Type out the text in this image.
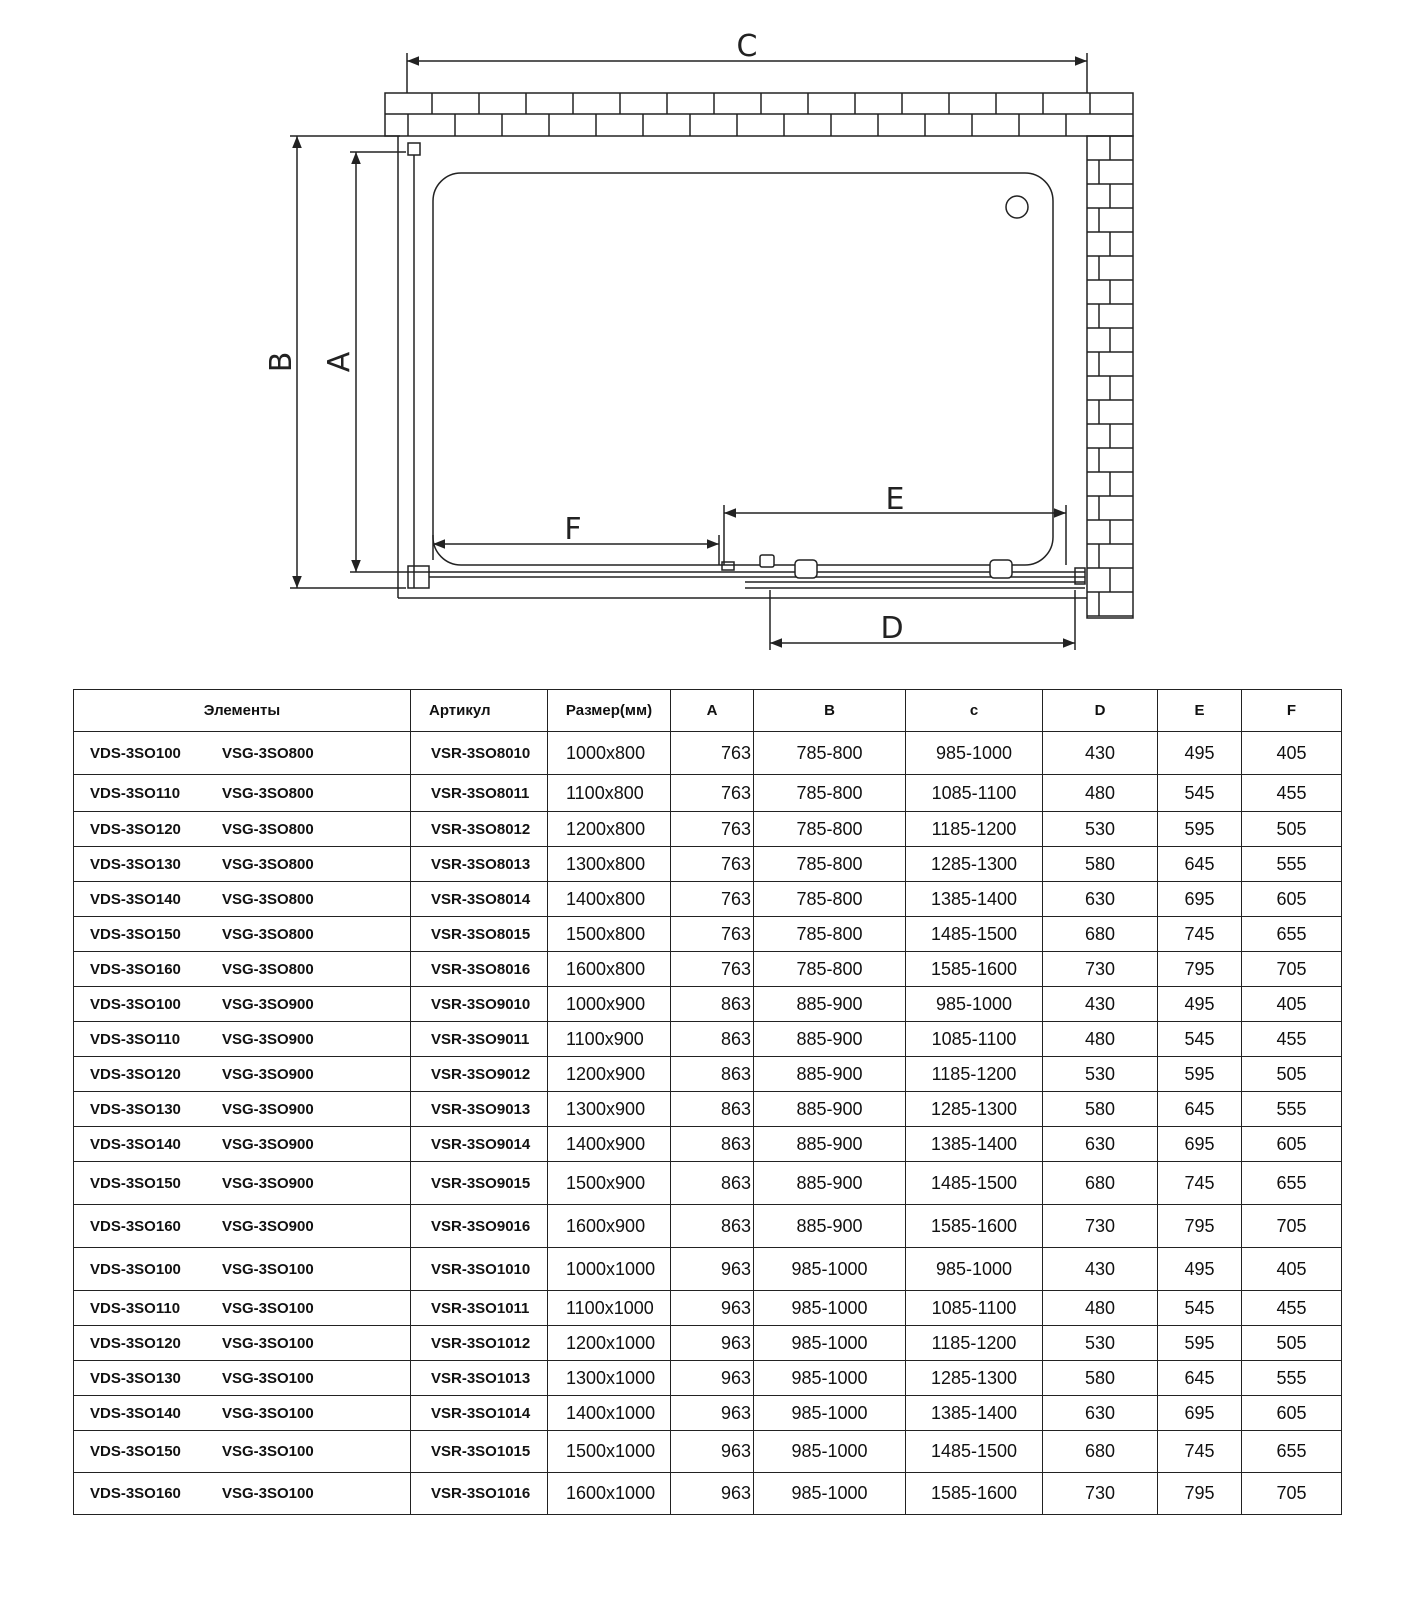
C
B A
F
E
D
Элементы	Артикул	Размер(мм)	A	B	c	D	E	F
VDS-3SO100 VSG-3SO800	VSR-3SO8010	1000x800	763	785-800	985-1000	430	495	405
VDS-3SO110 VSG-3SO800	VSR-3SO8011	1100x800	763	785-800	1085-1100	480	545	455
VDS-3SO120 VSG-3SO800	VSR-3SO8012	1200x800	763	785-800	1185-1200	530	595	505
VDS-3SO130 VSG-3SO800	VSR-3SO8013	1300x800	763	785-800	1285-1300	580	645	555
VDS-3SO140 VSG-3SO800	VSR-3SO8014	1400x800	763	785-800	1385-1400	630	695	605
VDS-3SO150 VSG-3SO800	VSR-3SO8015	1500x800	763	785-800	1485-1500	680	745	655
VDS-3SO160 VSG-3SO800	VSR-3SO8016	1600x800	763	785-800	1585-1600	730	795	705
VDS-3SO100 VSG-3SO900	VSR-3SO9010	1000x900	863	885-900	985-1000	430	495	405
VDS-3SO110 VSG-3SO900	VSR-3SO9011	1100x900	863	885-900	1085-1100	480	545	455
VDS-3SO120 VSG-3SO900	VSR-3SO9012	1200x900	863	885-900	1185-1200	530	595	505
VDS-3SO130 VSG-3SO900	VSR-3SO9013	1300x900	863	885-900	1285-1300	580	645	555
VDS-3SO140 VSG-3SO900	VSR-3SO9014	1400x900	863	885-900	1385-1400	630	695	605
VDS-3SO150 VSG-3SO900	VSR-3SO9015	1500x900	863	885-900	1485-1500	680	745	655
VDS-3SO160 VSG-3SO900	VSR-3SO9016	1600x900	863	885-900	1585-1600	730	795	705
VDS-3SO100 VSG-3SO100	VSR-3SO1010	1000x1000	963	985-1000	985-1000	430	495	405
VDS-3SO110 VSG-3SO100	VSR-3SO1011	1100x1000	963	985-1000	1085-1100	480	545	455
VDS-3SO120 VSG-3SO100	VSR-3SO1012	1200x1000	963	985-1000	1185-1200	530	595	505
VDS-3SO130 VSG-3SO100	VSR-3SO1013	1300x1000	963	985-1000	1285-1300	580	645	555
VDS-3SO140 VSG-3SO100	VSR-3SO1014	1400x1000	963	985-1000	1385-1400	630	695	605
VDS-3SO150 VSG-3SO100	VSR-3SO1015	1500x1000	963	985-1000	1485-1500	680	745	655
VDS-3SO160 VSG-3SO100	VSR-3SO1016	1600x1000	963	985-1000	1585-1600	730	795	705
